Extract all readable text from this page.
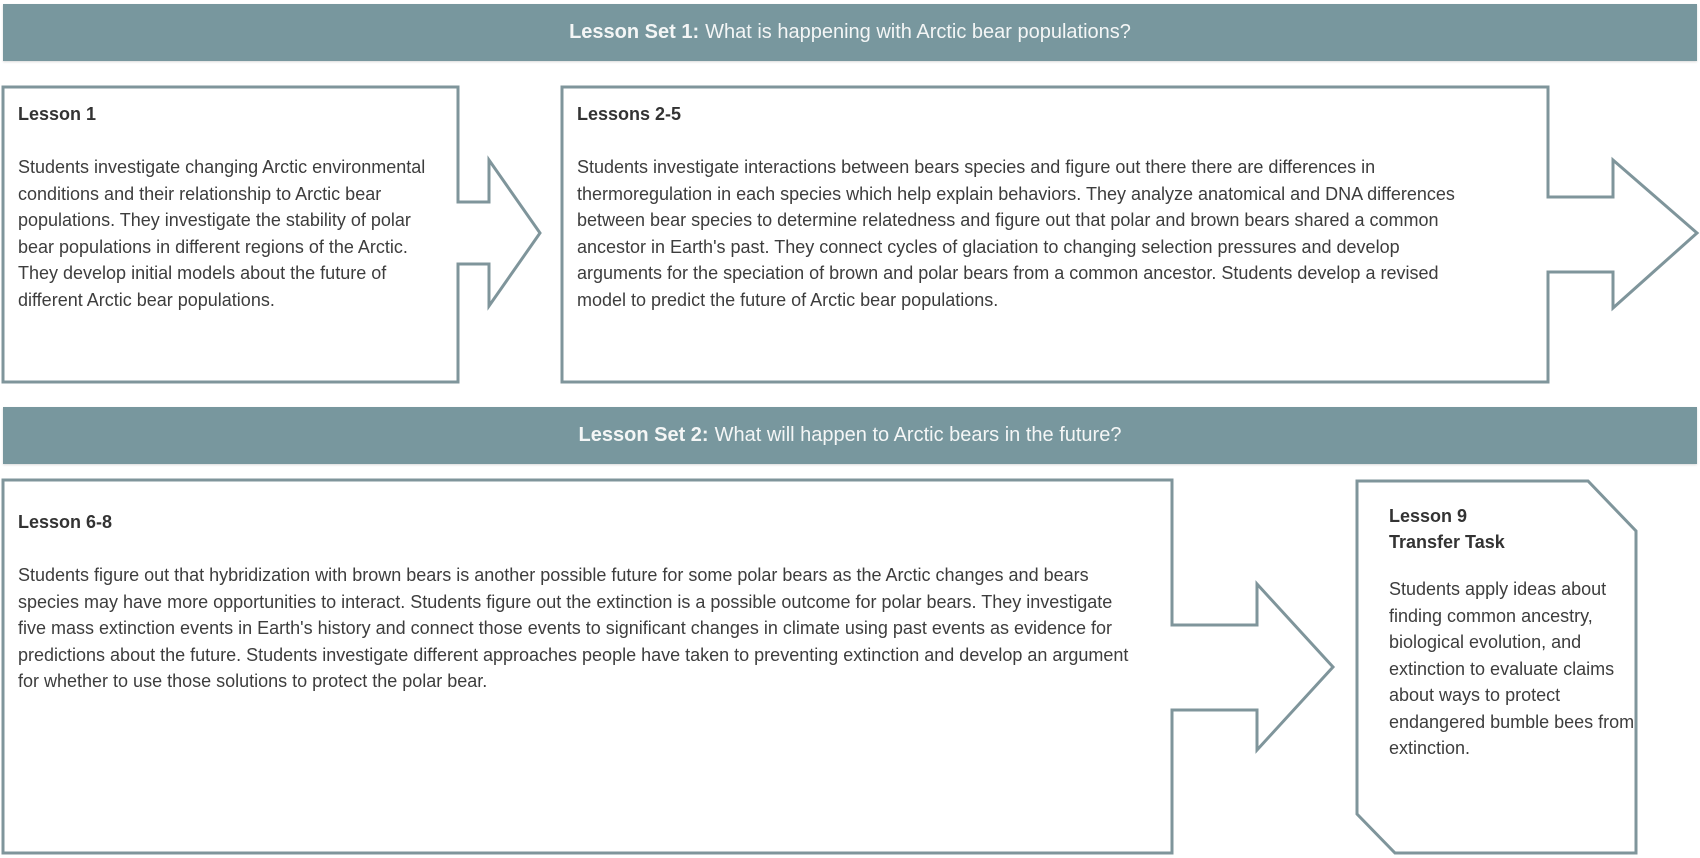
Lesson Set 1: What is happening with Arctic bear populations?

Lesson 1

Students investigate changing Arctic environmental conditions and their relationship to Arctic bear populations. They investigate the stability of polar bear populations in different regions of the Arctic. They develop initial models about the future of different Arctic bear populations.

Lessons 2-5

Students investigate interactions between bears species and figure out there there are differences in thermoregulation in each species which help explain behaviors. They analyze anatomical and DNA differences between bear species to determine relatedness and figure out that polar and brown bears shared a common ancestor in Earth's past. They connect cycles of glaciation to changing selection pressures and develop arguments for the speciation of brown and polar bears from a common ancestor. Students develop a revised model to predict the future of Arctic bear populations.

Lesson Set 2: What will happen to Arctic bears in the future?

Lesson 6-8

Students figure out that hybridization with brown bears is another possible future for some polar bears as the Arctic changes and bears species may have more opportunities to interact. Students figure out the extinction is a possible outcome for polar bears. They investigate five mass extinction events in Earth's history and connect those events to significant changes in climate using past events as evidence for predictions about the future. Students investigate different approaches people have taken to preventing extinction and develop an argument for whether to use those solutions to protect the polar bear.

Lesson 9

Transfer Task

Students apply ideas about finding common ancestry, biological evolution, and extinction to evaluate claims about ways to protect endangered bumble bees from extinction.
